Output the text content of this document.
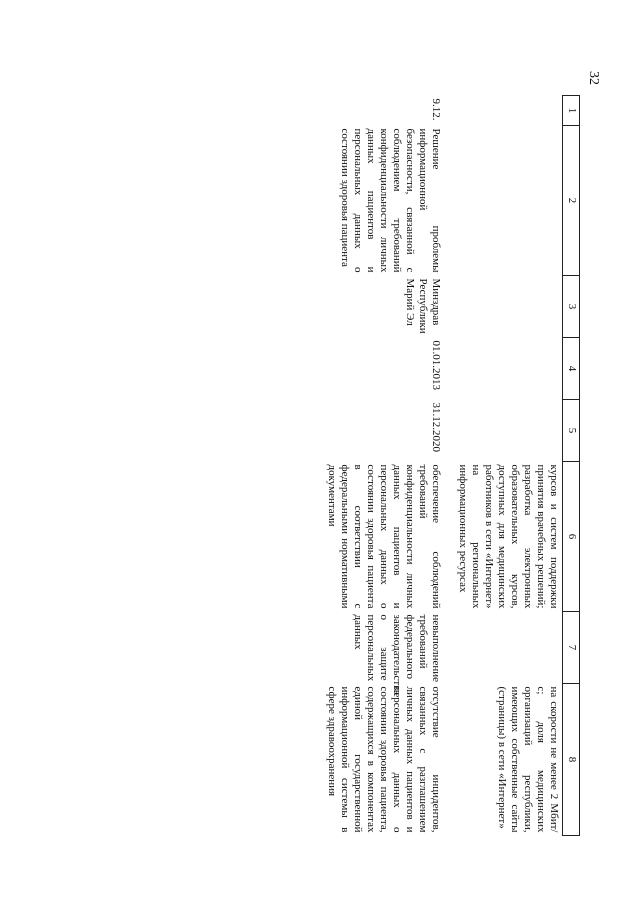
32
1	2	3	4	5	6	7	8
					курсов и систем поддержки принятия врачебных решений; разработка электронных образовательных курсов, доступных для медицинских работников в сети «Интернет» на региональных информационных ресурсах		на скорости не менее 2 Мбит/с; доля медицинских организаций республики, имеющих собственные сайты (страницы) в сети «Интернет»

9.12.	Решение проблемы информационной безопасности, связанной с соблюдением требований конфиденциальности личных данных пациентов и персональных данных о состоянии здоровья пациента	Минздрав Республики Марий Эл	01.01.2013	31.12.2020	обеспечение соблюдений требований конфиденциальности личных данных пациентов и персональных данных о состоянии здоровья пациента в соответствии с федеральными нормативными документами	невыполнение требований федерального законодательства о защите персональных данных	отсутствие инцидентов, связанных с разглашением личных данных пациентов и персональных данных о состоянии здоровья пациента, содержащихся в компонентах единой государственной информационной системы в сфере здравоохранения
